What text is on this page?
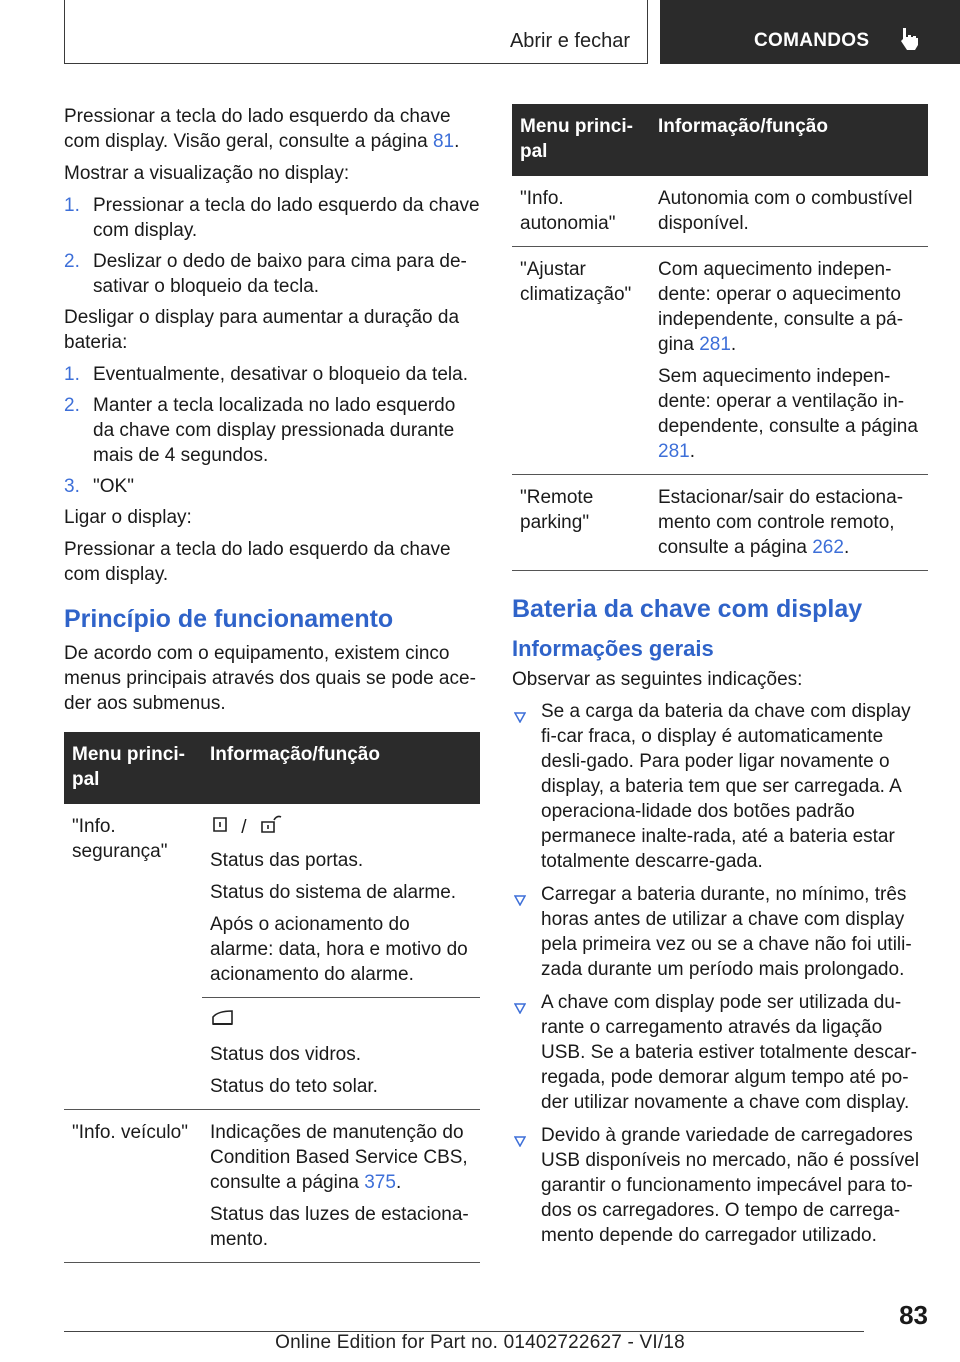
Abrir e fechar	COMANDOS

Pressionar a tecla do lado esquerdo da chave com display. Visão geral, consulte a página 81.

Mostrar a visualização no display:

1. Pressionar a tecla do lado esquerdo da chave com display.
2. Deslizar o dedo de baixo para cima para de-sativar o bloqueio da tecla.

Desligar o display para aumentar a duração da bateria:

1. Eventualmente, desativar o bloqueio da tela.
2. Manter a tecla localizada no lado esquerdo da chave com display pressionada durante mais de 4 segundos.
3. "OK"

Ligar o display:

Pressionar a tecla do lado esquerdo da chave com display.

Princípio de funcionamento

De acordo com o equipamento, existem cinco menus principais através dos quais se pode ace-der aos submenus.

Menu princi-pal	Informação/função
"Info. segurança"	/

Status das portas.

Status do sistema de alarme.

Após o acionamento do alarme: data, hora e motivo do acionamento do alarme.

	Status dos vidros.

Status do teto solar.

"Info. veículo"	Indicações de manutenção do Condition Based Service CBS, consulte a página 375.

Status das luzes de estaciona-mento.

Menu princi-pal	Informação/função
"Info. autonomia"	Autonomia com o combustível disponível.
"Ajustar climatização"	Com aquecimento indepen-dente: operar o aquecimento independente, consulte a pá-gina 281.

Sem aquecimento indepen-dente: operar a ventilação in-dependente, consulte a página 281.

"Remote parking"	Estacionar/sair do estaciona-mento com controle remoto, consulte a página 262.
Bateria da chave com display
Informações gerais

Observar as seguintes indicações:

Se a carga da bateria da chave com display fi-car fraca, o display é automaticamente desli-gado. Para poder ligar novamente o display, a bateria tem que ser carregada. A operaciona-lidade dos botões padrão permanece inalte-rada, até a bateria estar totalmente descarre-gada.
Carregar a bateria durante, no mínimo, três horas antes de utilizar a chave com display pela primeira vez ou se a chave não foi utili-zada durante um período mais prolongado.
A chave com display pode ser utilizada du-rante o carregamento através da ligação USB. Se a bateria estiver totalmente descar-regada, pode demorar algum tempo até po-der utilizar novamente a chave com display.
Devido à grande variedade de carregadores USB disponíveis no mercado, não é possível garantir o funcionamento impecável para to-dos os carregadores. O tempo de carrega-mento depende do carregador utilizado.
83
Online Edition for Part no. 01402722627 - VI/18
